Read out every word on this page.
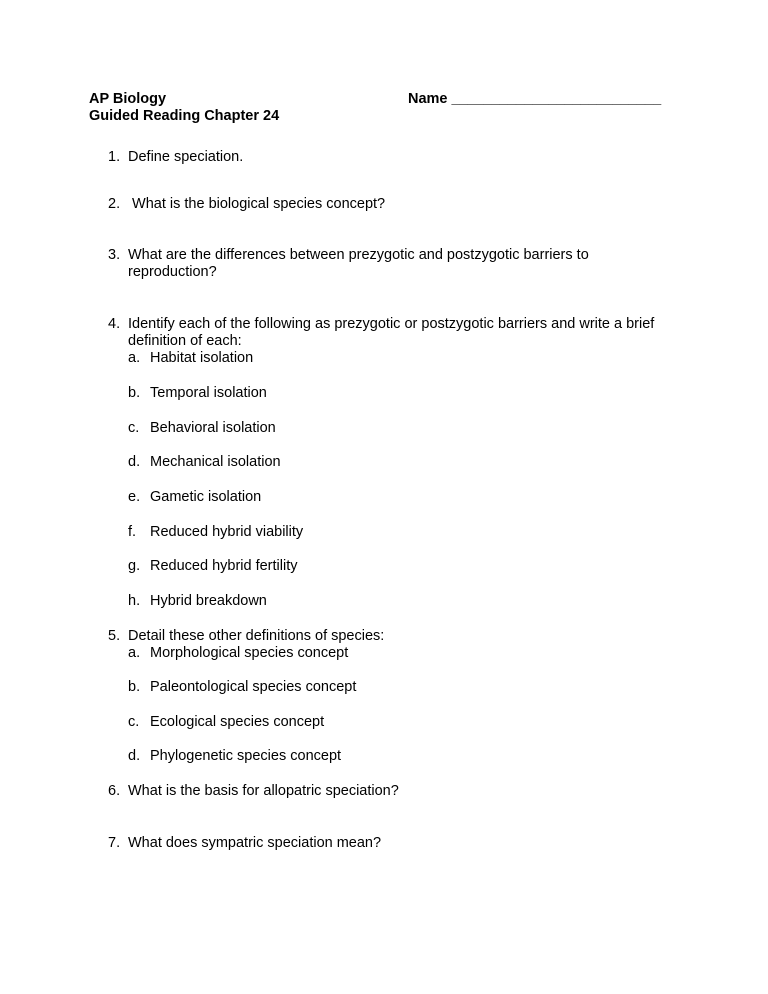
AP Biology
Guided Reading Chapter 24
Name __________________________
1. Define speciation.
2. What is the biological species concept?
3. What are the differences between prezygotic and postzygotic barriers to reproduction?
4. Identify each of the following as prezygotic or postzygotic barriers and write a brief definition of each:
a. Habitat isolation
b. Temporal isolation
c. Behavioral isolation
d. Mechanical isolation
e. Gametic isolation
f. Reduced hybrid viability
g. Reduced hybrid fertility
h. Hybrid breakdown
5. Detail these other definitions of species:
a. Morphological species concept
b. Paleontological species concept
c. Ecological species concept
d. Phylogenetic species concept
6. What is the basis for allopatric speciation?
7. What does sympatric speciation mean?
